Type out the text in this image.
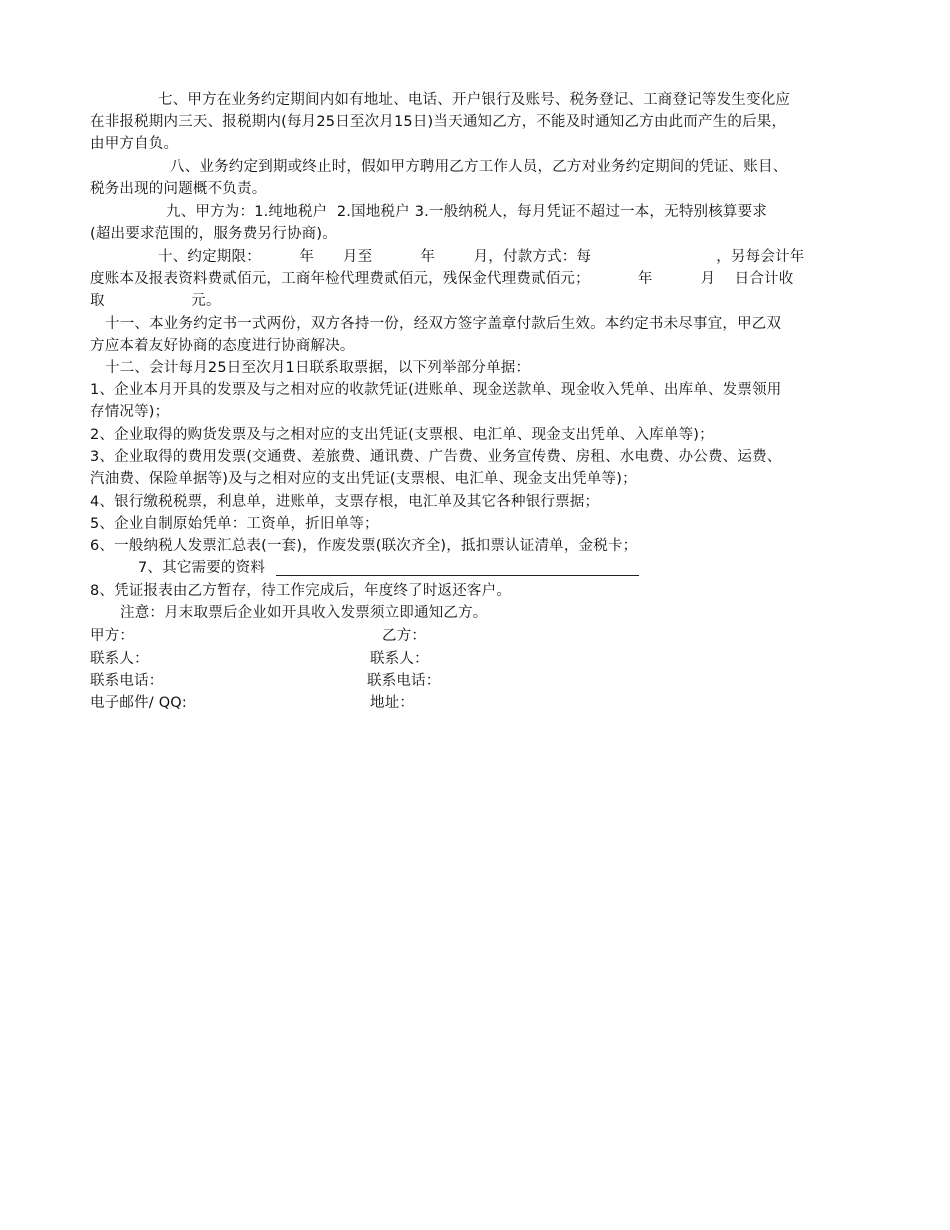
七、甲方在业务约定期间内如有地址、电话、开户银行及账号、税务登记、工商登记等发生变化应
在非报税期内三天、报税期内(每月25日至次月15日)当天通知乙方，不能及时通知乙方由此而产生的后果，
由甲方自负。
八、业务约定到期或终止时，假如甲方聘用乙方工作人员，乙方对业务约定期间的凭证、账目、
税务出现的问题概不负责。
九、甲方为：1.纯地税户  2.国地税户 3.一般纳税人，每月凭证不超过一本，无特别核算要求
(超出要求范围的，服务费另行协商)。
十、约定期限：        年      月至          年        月，付款方式：每                          ，另每会计年
度账本及报表资料费贰佰元，工商年检代理费贰佰元，残保金代理费贰佰元；          年          月    日合计收
取                  元。
十一、本业务约定书一式两份，双方各持一份，经双方签字盖章付款后生效。本约定书未尽事宜，甲乙双
方应本着友好协商的态度进行协商解决。
十二、会计每月25日至次月1日联系取票据，以下列举部分单据：
1、企业本月开具的发票及与之相对应的收款凭证(进账单、现金送款单、现金收入凭单、出库单、发票领用
存情况等)；
2、企业取得的购货发票及与之相对应的支出凭证(支票根、电汇单、现金支出凭单、入库单等)；
3、企业取得的费用发票(交通费、差旅费、通讯费、广告费、业务宣传费、房租、水电费、办公费、运费、
汽油费、保险单据等)及与之相对应的支出凭证(支票根、电汇单、现金支出凭单等)；
4、银行缴税税票，利息单，进账单，支票存根，电汇单及其它各种银行票据；
5、企业自制原始凭单：工资单，折旧单等；
6、一般纳税人发票汇总表(一套)，作废发票(联次齐全)，抵扣票认证清单，金税卡；
7、其它需要的资料
8、凭证报表由乙方暂存，待工作完成后，年度终了时返还客户。
注意：月末取票后企业如开具收入发票须立即通知乙方。
甲方：	乙方：
联系人：	联系人：
联系电话：	联系电话：
电子邮件/ QQ:	地址：
